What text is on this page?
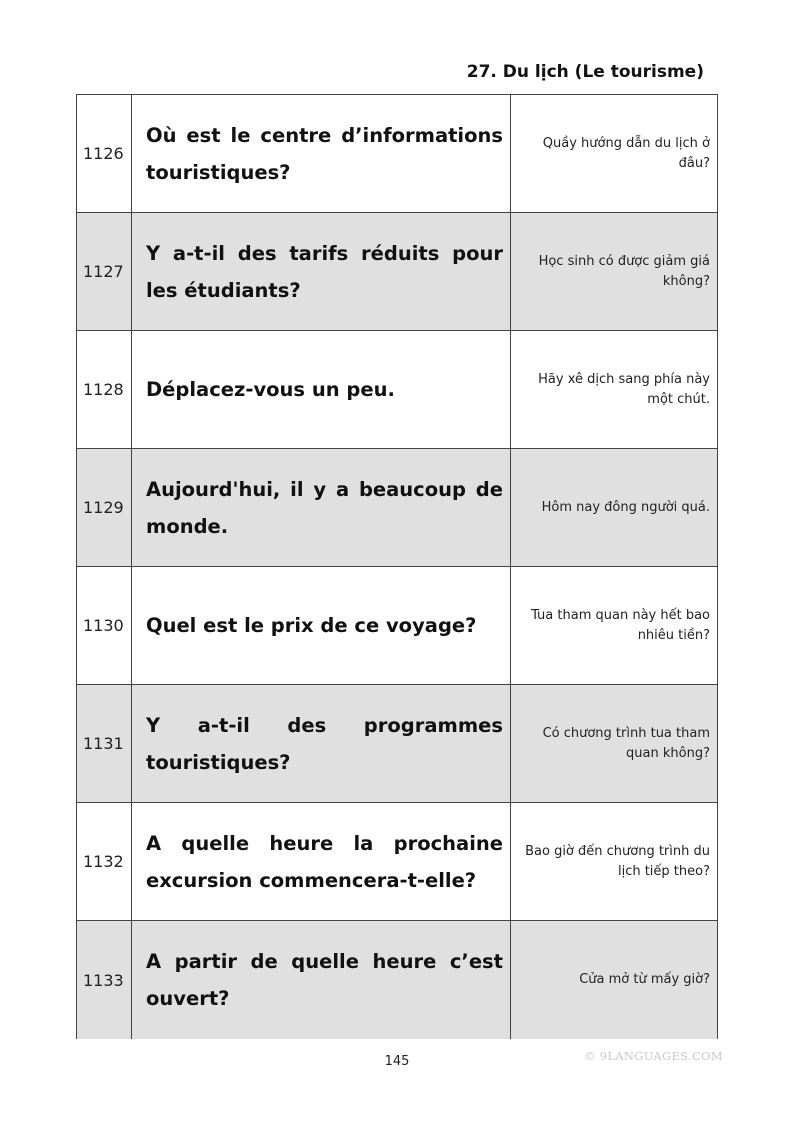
27. Du lịch (Le tourisme)
1126	Où est le centre d’informations touristiques?	Quầy hướng dẫn du lịch ở đâu?
1127	Y a-t-il des tarifs réduits pour les étudiants?	Học sinh có được giảm giá không?
1128	Déplacez-vous un peu.	Hãy xê dịch sang phía này một chút.
1129	Aujourd'hui, il y a beaucoup de monde.	Hôm nay đông người quá.
1130	Quel est le prix de ce voyage?	Tua tham quan này hết bao nhiêu tiền?
1131	Y a-t-il des programmes touristiques?	Có chương trình tua tham quan không?
1132	A quelle heure la prochaine excursion commencera-t-elle?	Bao giờ đến chương trình du lịch tiếp theo?
1133	A partir de quelle heure c’est ouvert?	Cửa mở từ mấy giờ?
145	© 9LANGUAGES.COM
